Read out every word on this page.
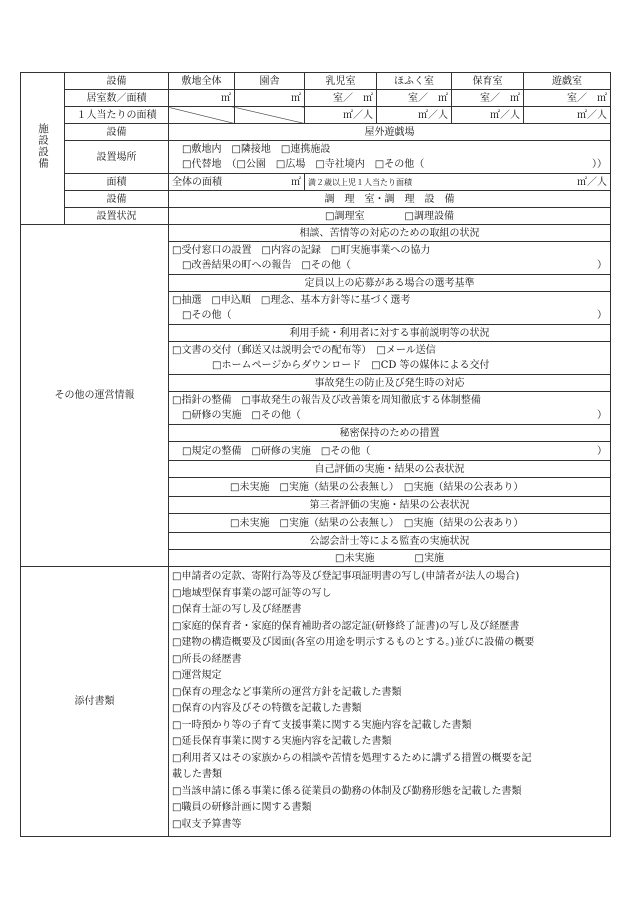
施設設備	設備	敷地全体	園舎	乳児室	ほふく室	保育室	遊戯室
	居室数／面積	㎡	㎡	室／　㎡	室／　㎡	室／　㎡	室／　㎡
	１人当たりの面積			㎡／人	㎡／人	㎡／人	㎡／人
	設備	屋外遊戯場					
	設置場所	□敷地内　□隣接地　□連携施設
□代替地　（□公園　□広場　□寺社境内　□その他（ ））					

	面積	全体の面積 ㎡		満２歳以上児１人当たり面積 ㎡／人			

	設備	調　理　室・調　理　設　備					
	設置状況	□調理室　　　　□調理設備					
その他の運営情報	相談、苦情等の対応のための取組の状況

□受付窓口の設置　□内容の記録　□町実施事業への協力
□改善結果の町への報告　□その他（	）

定員以上の応募がある場合の選考基準

□抽選　□申込順　□理念、基本方針等に基づく選考
□その他（	）

利用手続・利用者に対する事前説明等の状況

□文書の交付（郵送又は説明会での配布等）　□メール送信
□ホームページからダウンロード　□CD 等の媒体による交付

事故発生の防止及び発生時の対応

□指針の整備　□事故発生の報告及び改善策を周知徹底する体制整備
□研修の実施　□その他（	）

秘密保持のための措置

□規定の整備　□研修の実施　□その他（	）

自己評価の実施・結果の公表状況

□未実施　□実施（結果の公表無し）　□実施（結果の公表あり）

第三者評価の実施・結果の公表状況

□未実施　□実施（結果の公表無し）　□実施（結果の公表あり）

公認会計士等による監査の実施状況
□未実施　　　　□実施
添付書類	
□申請者の定款、寄附行為等及び登記事項証明書の写し(申請者が法人の場合)
□地域型保育事業の認可証等の写し
□保育士証の写し及び経歴書
□家庭的保育者・家庭的保育補助者の認定証(研修終了証書)の写し及び経歴書
□建物の構造概要及び図面(各室の用途を明示するものとする。)並びに設備の概要
□所長の経歴書
□運営規定
□保育の理念など事業所の運営方針を記載した書類
□保育の内容及びその特徴を記載した書類
□一時預かり等の子育て支援事業に関する実施内容を記載した書類
□延長保育事業に関する実施内容を記載した書類
□利用者又はその家族からの相談や苦情を処理するために講ずる措置の概要を記
載した書類
□当該申請に係る事業に係る従業員の勤務の体制及び勤務形態を記載した書類
□職員の研修計画に関する書類
□収支予算書等
